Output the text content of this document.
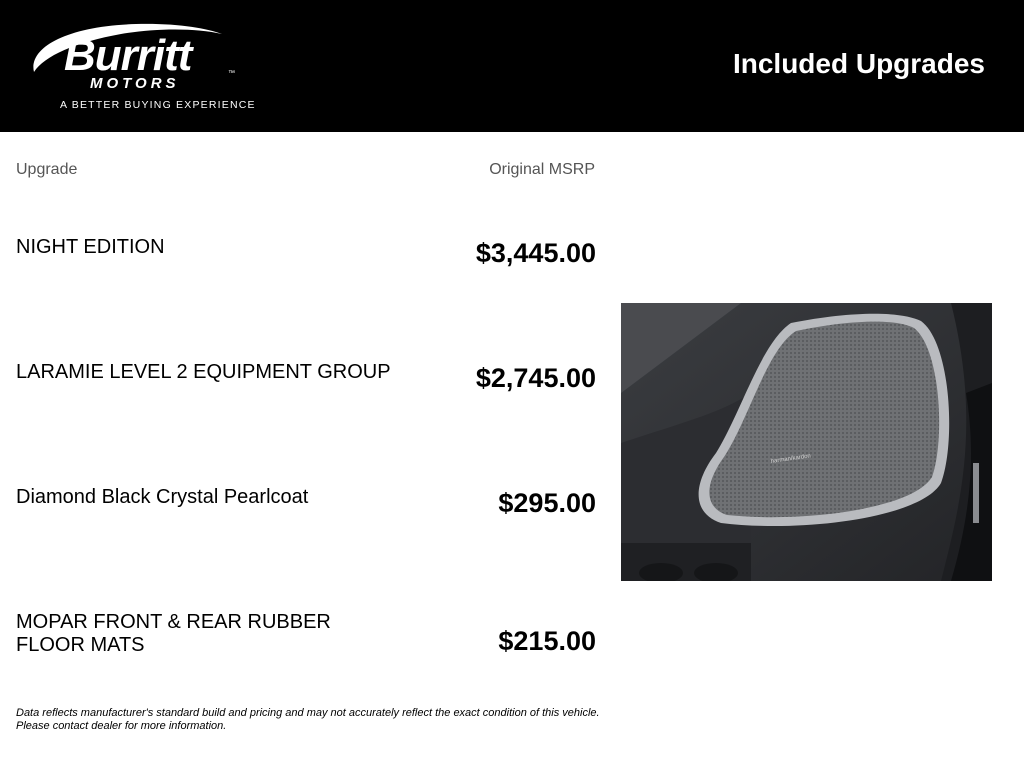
Burritt	™
MOTORS
A BETTER BUYING EXPERIENCE
Included Upgrades
Upgrade	Original MSRP
NIGHT EDITION	$3,445.00
LARAMIE LEVEL 2 EQUIPMENT GROUP	$2,745.00
Diamond Black Crystal Pearlcoat	$295.00
MOPAR FRONT & REAR RUBBER FLOOR MATS	$215.00
harman/kardon
Data reflects manufacturer's standard build and pricing and may not accurately reflect the exact condition of this vehicle.
Please contact dealer for more information.
